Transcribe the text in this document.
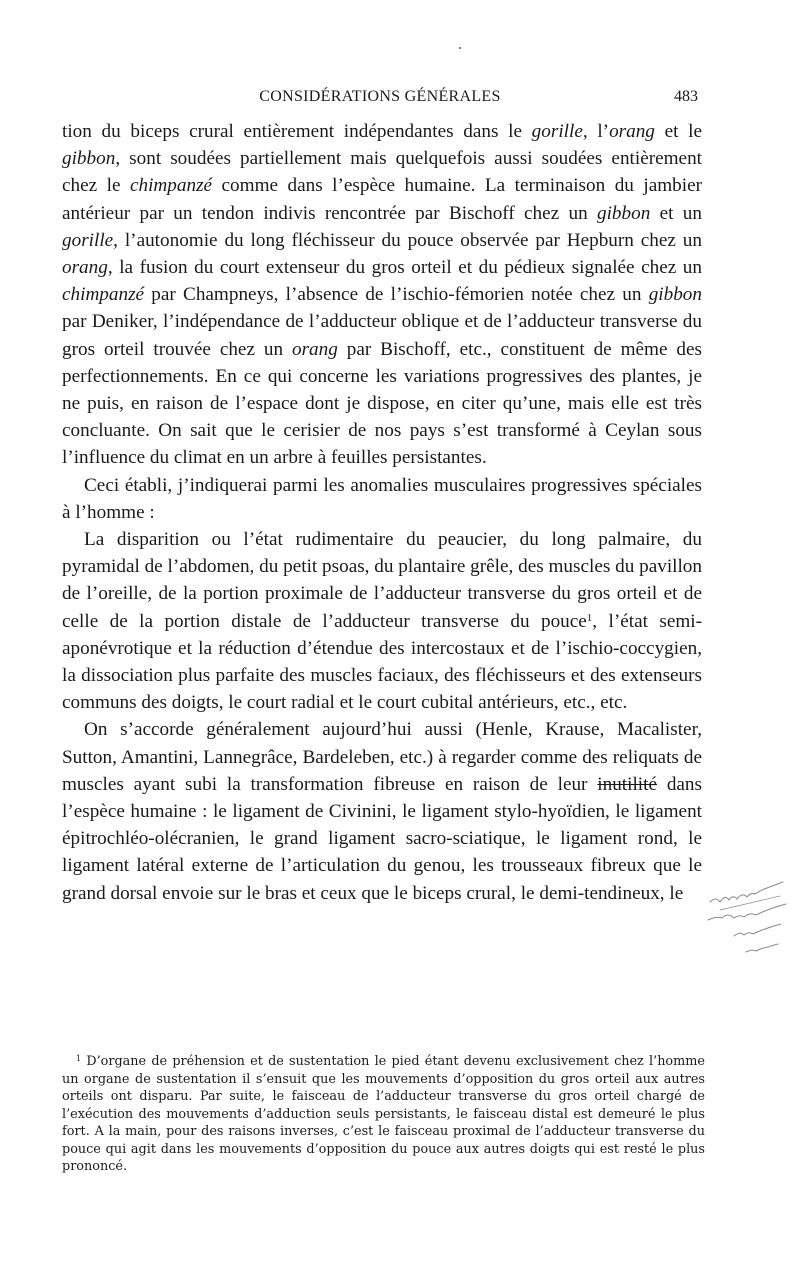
CONSIDÉRATIONS GÉNÉRALES	483

tion du biceps crural entièrement indépendantes dans le gorille, l’orang et le gibbon, sont soudées partiellement mais quelquefois aussi soudées entièrement chez le chimpanzé comme dans l’espèce humaine. La terminaison du jambier antérieur par un tendon indivis rencontrée par Bischoff chez un gibbon et un gorille, l’autonomie du long fléchisseur du pouce observée par Hepburn chez un orang, la fusion du court extenseur du gros orteil et du pédieux signalée chez un chimpanzé par Champneys, l’absence de l’ischio-fémorien notée chez un gibbon par Deniker, l’indépendance de l’adducteur oblique et de l’adducteur transverse du gros orteil trouvée chez un orang par Bischoff, etc., constituent de même des perfectionnements. En ce qui concerne les variations progressives des plantes, je ne puis, en raison de l’espace dont je dispose, en citer qu’une, mais elle est très concluante. On sait que le cerisier de nos pays s’est transformé à Ceylan sous l’influence du climat en un arbre à feuilles persistantes.

Ceci établi, j’indiquerai parmi les anomalies musculaires progressives spéciales à l’homme :

La disparition ou l’état rudimentaire du peaucier, du long palmaire, du pyramidal de l’abdomen, du petit psoas, du plantaire grêle, des muscles du pavillon de l’oreille, de la portion proximale de l’adducteur transverse du gros orteil et de celle de la portion distale de l’adducteur transverse du pouce$^1$, l’état semi-aponévrotique et la réduction d’étendue des intercostaux et de l’ischio-coccygien, la dissociation plus parfaite des muscles faciaux, des fléchisseurs et des extenseurs communs des doigts, le court radial et le court cubital antérieurs, etc., etc.

On s’accorde généralement aujourd’hui aussi (Henle, Krause, Macalister, Sutton, Amantini, Lannegrâce, Bardeleben, etc.) à regarder comme des reliquats de muscles ayant subi la transformation fibreuse en raison de leur inutilité dans l’espèce humaine : le ligament de Civinini, le ligament stylo-hyoïdien, le ligament épitrochléo-olécranien, le grand ligament sacro-sciatique, le ligament rond, le ligament latéral externe de l’articulation du genou, les trousseaux fibreux que le grand dorsal envoie sur le bras et ceux que le biceps crural, le demi-tendineux, le

$^1$ D’organe de préhension et de sustentation le pied étant devenu exclusivement chez l’homme un organe de sustentation il s’ensuit que les mouvements d’opposition du gros orteil aux autres orteils ont disparu. Par suite, le faisceau de l’adducteur transverse du gros orteil chargé de l’exécution des mouvements d’adduction seuls persistants, le faisceau distal est demeuré le plus fort. A la main, pour des raisons inverses, c’est le faisceau proximal de l’adducteur transverse du pouce qui agit dans les mouvements d’opposition du pouce aux autres doigts qui est resté le plus prononcé.
